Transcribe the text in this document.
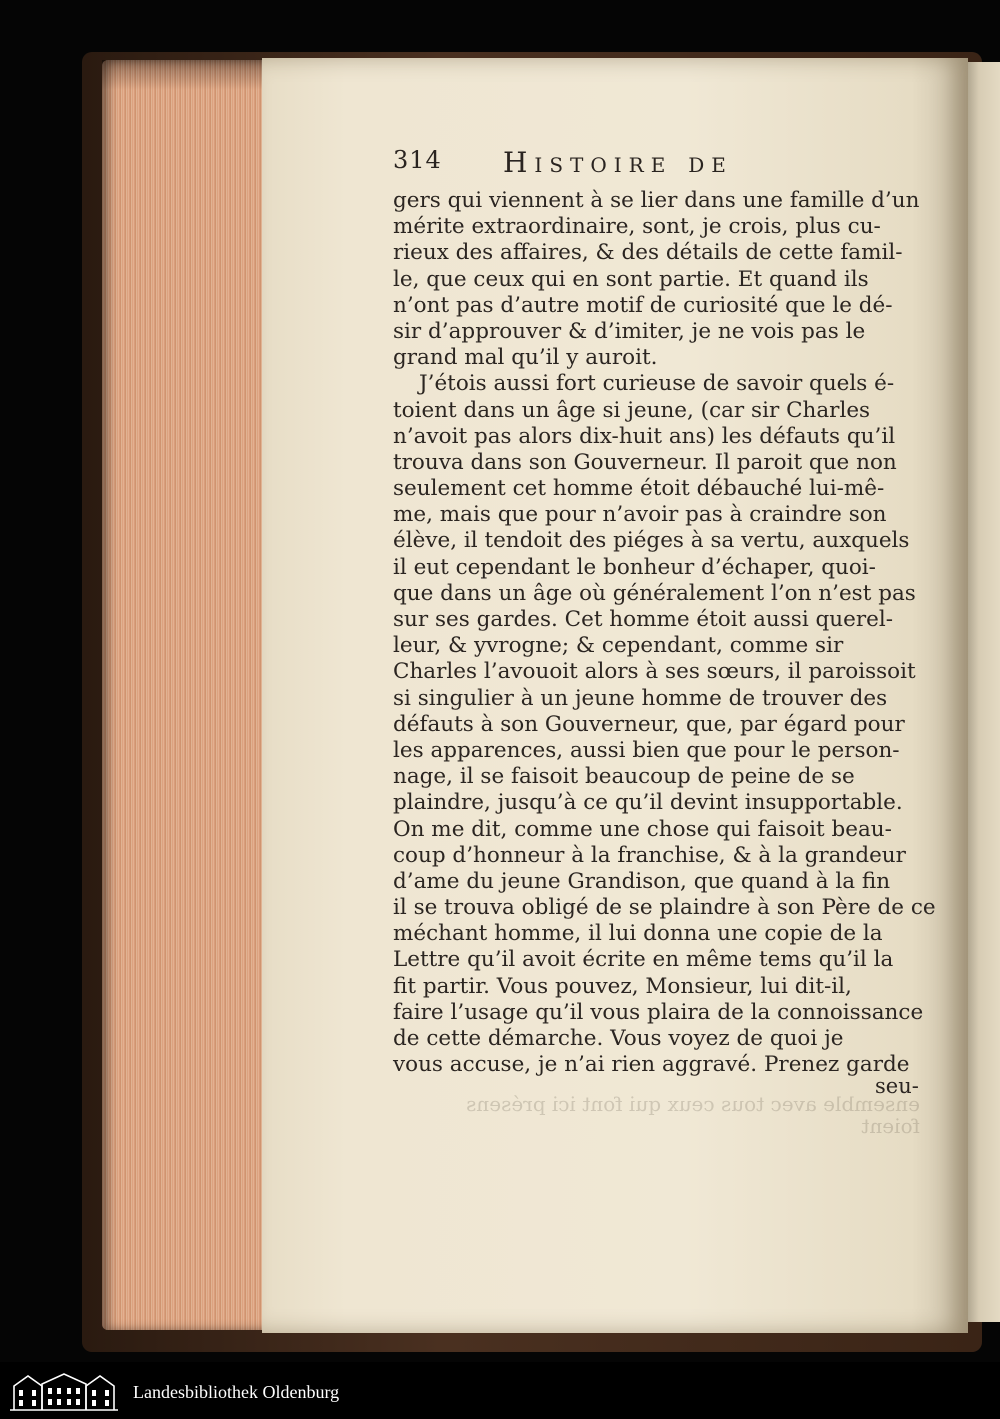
314 Histoire de
gers qui viennent à se lier dans une famille d’un
mérite extraordinaire, sont, je crois, plus cu-
rieux des affaires, & des détails de cette famil-
le, que ceux qui en sont partie. Et quand ils
n’ont pas d’autre motif de curiosité que le dé-
sir d’approuver & d’imiter, je ne vois pas le
grand mal qu’il y auroit.
J’étois aussi fort curieuse de savoir quels é-
toient dans un âge si jeune, (car sir Charles
n’avoit pas alors dix-huit ans) les défauts qu’il
trouva dans son Gouverneur. Il paroit que non
seulement cet homme étoit débauché lui-mê-
me, mais que pour n’avoir pas à craindre son
élève, il tendoit des piéges à sa vertu, auxquels
il eut cependant le bonheur d’échaper, quoi-
que dans un âge où généralement l’on n’est pas
sur ses gardes. Cet homme étoit aussi querel-
leur, & yvrogne; & cependant, comme sir
Charles l’avouoit alors à ses sœurs, il paroissoit
si singulier à un jeune homme de trouver des
défauts à son Gouverneur, que, par égard pour
les apparences, aussi bien que pour le person-
nage, il se faisoit beaucoup de peine de se
plaindre, jusqu’à ce qu’il devint insupportable.
On me dit, comme une chose qui faisoit beau-
coup d’honneur à la franchise, & à la grandeur
d’ame du jeune Grandison, que quand à la fin
il se trouva obligé de se plaindre à son Père de ce
méchant homme, il lui donna une copie de la
Lettre qu’il avoit écrite en même tems qu’il la
fit partir. Vous pouvez, Monsieur, lui dit-il,
faire l’usage qu’il vous plaira de la connoissance
de cette démarche. Vous voyez de quoi je
vous accuse, je n’ai rien aggravé. Prenez garde
seu-
ensemble avec tous ceux qui font ici présens
foient
Landesbibliothek Oldenburg
